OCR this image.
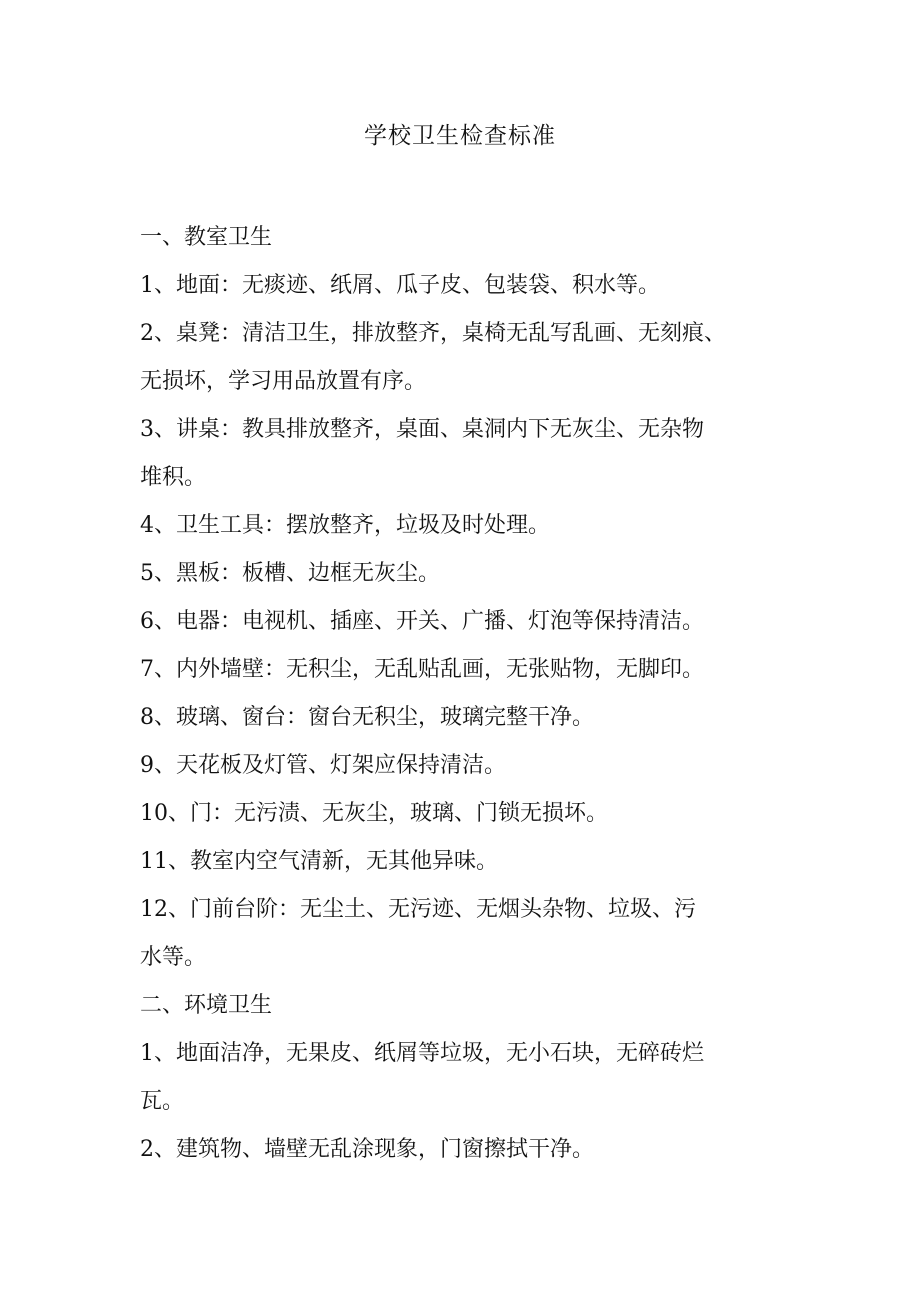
学校卫生检查标准
一、教室卫生
1、地面：无痰迹、纸屑、瓜子皮、包装袋、积水等。
2、桌凳：清洁卫生，排放整齐，桌椅无乱写乱画、无刻痕、
无损坏，学习用品放置有序。
3、讲桌：教具排放整齐，桌面、桌洞内下无灰尘、无杂物
堆积。
4、卫生工具：摆放整齐，垃圾及时处理。
5、黑板：板槽、边框无灰尘。
6、电器：电视机、插座、开关、广播、灯泡等保持清洁。
7、内外墙壁：无积尘，无乱贴乱画，无张贴物，无脚印。
8、玻璃、窗台：窗台无积尘，玻璃完整干净。
9、天花板及灯管、灯架应保持清洁。
10、门：无污渍、无灰尘，玻璃、门锁无损坏。
11、教室内空气清新，无其他异味。
12、门前台阶：无尘土、无污迹、无烟头杂物、垃圾、污
水等。
二、环境卫生
1、地面洁净，无果皮、纸屑等垃圾，无小石块，无碎砖烂
瓦。
2、建筑物、墙壁无乱涂现象，门窗擦拭干净。
